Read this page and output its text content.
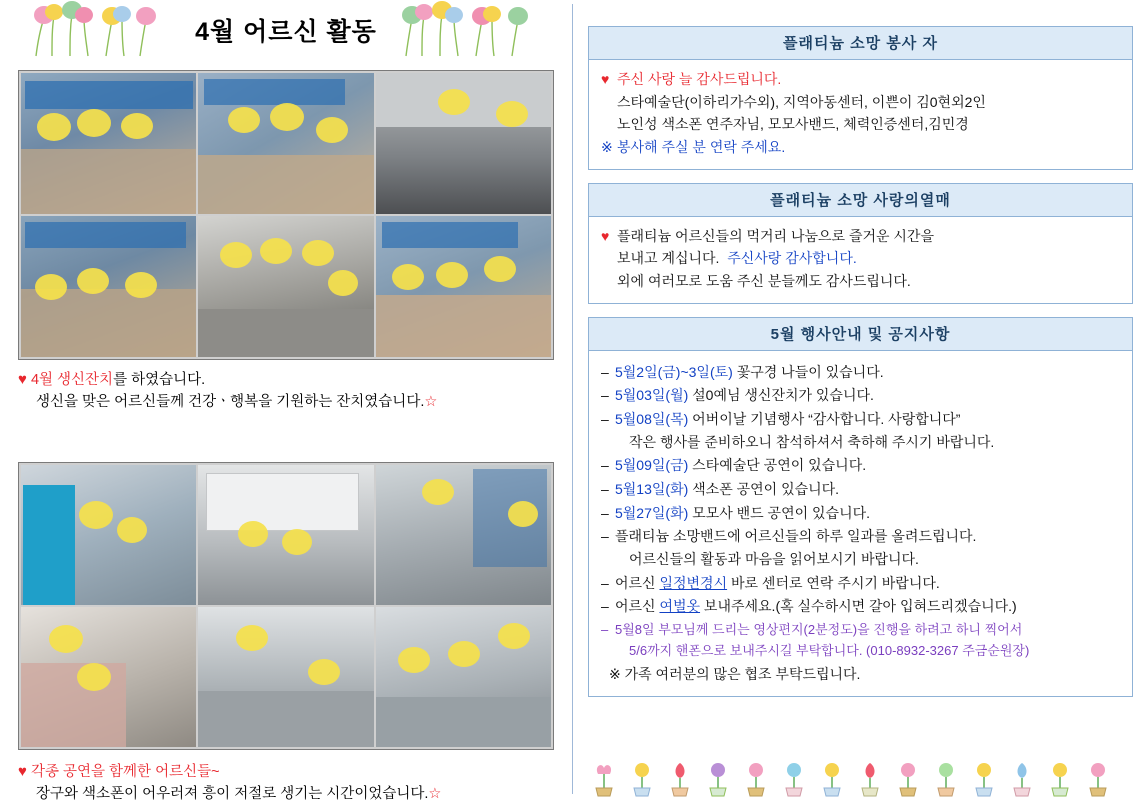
4월 어르신 활동
♥ 4월 생신잔치를 하였습니다.
생신을 맞은 어르신들께 건강ㆍ행복을 기원하는 잔치였습니다.☆
♥ 각종 공연을 함께한 어르신들~
장구와 색소폰이 어우러져 흥이 저절로 생기는 시간이었습니다.☆
플래티늄 소망 봉사 자
♥ 주신 사랑 늘 감사드립니다.
스타예술단(이하리가수외), 지역아동센터, 이쁜이 김0현외2인
노인성 색소폰 연주자님, 모모사밴드, 체력인증센터,김민경
※ 봉사해 주실 분 연락 주세요.
플래티늄 소망 사랑의열매
♥ 플래티늄 어르신들의 먹거리 나눔으로 즐거운 시간을
보내고 계십니다.  주신사랑 감사합니다.
외에 여러모로 도움 주신 분들께도 감사드립니다.
5월 행사안내 및 공지사항
– 5월2일(금)~3일(토) 꽃구경 나들이 있습니다.
– 5월03일(월) 설0예님 생신잔치가 있습니다.
– 5월08일(목) 어버이날 기념행사 “감사합니다. 사랑합니다”
작은 행사를 준비하오니 참석하셔서 축하해 주시기 바랍니다.
– 5월09일(금) 스타예술단 공연이 있습니다.
– 5월13일(화) 색소폰 공연이 있습니다.
– 5월27일(화) 모모사 밴드 공연이 있습니다.
– 플래티늄 소망밴드에 어르신들의 하루 일과를 올려드립니다.
어르신들의 활동과 마음을 읽어보시기 바랍니다.
– 어르신 일정변경시 바로 센터로 연락 주시기 바랍니다.
– 어르신 여벌옷 보내주세요.(혹 실수하시면 갈아 입혀드리겠습니다.)
– 5월8일 부모님께 드리는 영상편지(2분정도)을 진행을 하려고 하니 찍어서
5/6까지 핸폰으로 보내주시길 부탁합니다. (010-8932-3267 주금순원장)
※ 가족 여러분의 많은 협조 부탁드립니다.
